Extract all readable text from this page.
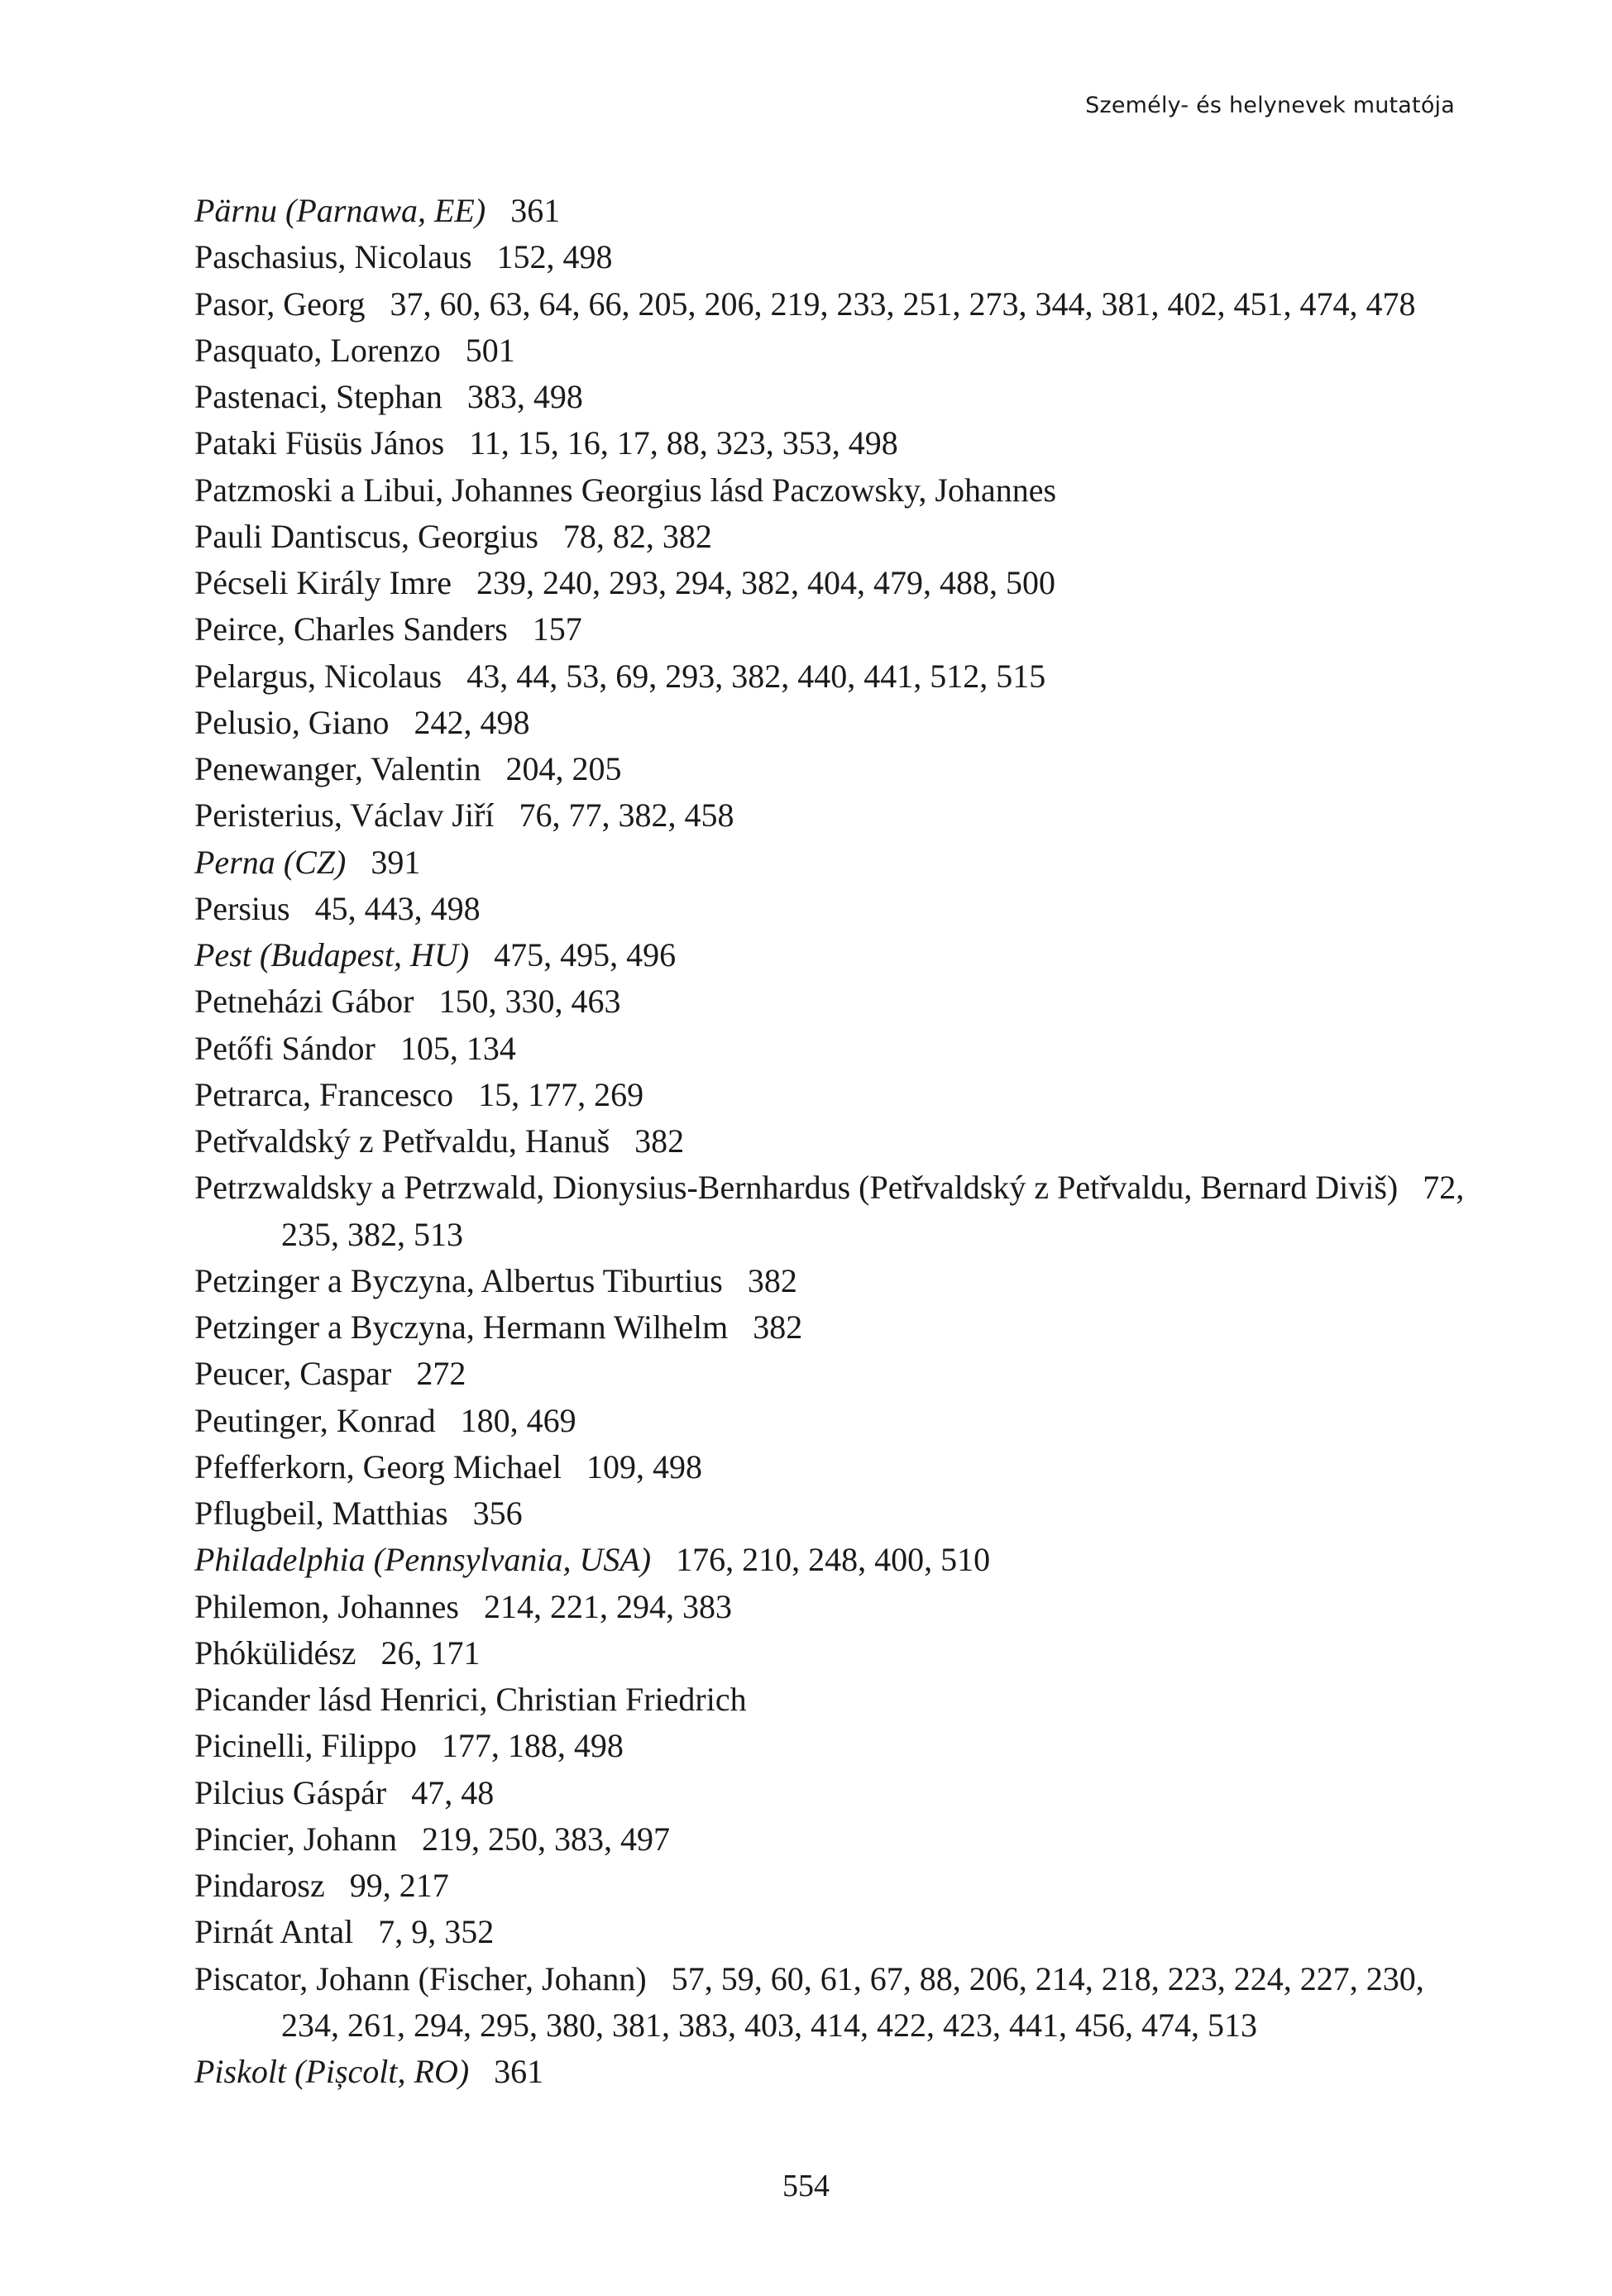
Személy- és helynevek mutatója
Pärnu (Parnawa, EE) 361
Paschasius, Nicolaus 152, 498
Pasor, Georg 37, 60, 63, 64, 66, 205, 206, 219, 233, 251, 273, 344, 381, 402, 451, 474, 478
Pasquato, Lorenzo 501
Pastenaci, Stephan 383, 498
Pataki Füsüs János 11, 15, 16, 17, 88, 323, 353, 498
Patzmoski a Libui, Johannes Georgius lásd Paczowsky, Johannes
Pauli Dantiscus, Georgius 78, 82, 382
Pécseli Király Imre 239, 240, 293, 294, 382, 404, 479, 488, 500
Peirce, Charles Sanders 157
Pelargus, Nicolaus 43, 44, 53, 69, 293, 382, 440, 441, 512, 515
Pelusio, Giano 242, 498
Penewanger, Valentin 204, 205
Peristerius, Václav Jiří 76, 77, 382, 458
Perna (CZ) 391
Persius 45, 443, 498
Pest (Budapest, HU) 475, 495, 496
Petneházi Gábor 150, 330, 463
Petőfi Sándor 105, 134
Petrarca, Francesco 15, 177, 269
Petřvaldský z Petřvaldu, Hanuš 382
Petrzwaldsky a Petrzwald, Dionysius-Bernhardus (Petřvaldský z Petřvaldu, Bernard Diviš) 72, 235, 382, 513
Petzinger a Byczyna, Albertus Tiburtius 382
Petzinger a Byczyna, Hermann Wilhelm 382
Peucer, Caspar 272
Peutinger, Konrad 180, 469
Pfefferkorn, Georg Michael 109, 498
Pflugbeil, Matthias 356
Philadelphia (Pennsylvania, USA) 176, 210, 248, 400, 510
Philemon, Johannes 214, 221, 294, 383
Phókülidész 26, 171
Picander lásd Henrici, Christian Friedrich
Picinelli, Filippo 177, 188, 498
Pilcius Gáspár 47, 48
Pincier, Johann 219, 250, 383, 497
Pindarosz 99, 217
Pirnát Antal 7, 9, 352
Piscator, Johann (Fischer, Johann) 57, 59, 60, 61, 67, 88, 206, 214, 218, 223, 224, 227, 230, 234, 261, 294, 295, 380, 381, 383, 403, 414, 422, 423, 441, 456, 474, 513
Piskolt (Pișcolt, RO) 361
554
